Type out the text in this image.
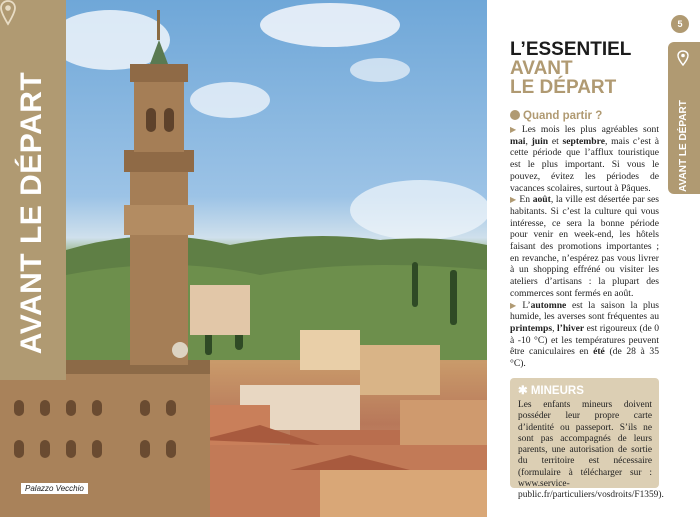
AVANT LE DÉPART
Palazzo Vecchio
5
AVANT LE DÉPART
L’ESSENTIEL
AVANT
LE DÉPART
Quand partir ?

▶ Les mois les plus agréables sont mai, juin et septembre, mais c’est à cette période que l’afflux touristique est le plus important. Si vous le pouvez, évitez les périodes de vacances scolaires, surtout à Pâques.

▶ En août, la ville est désertée par ses habitants. Si c’est la culture qui vous intéresse, ce sera la bonne période pour venir en week-end, les hôtels faisant des promotions importantes ; en revanche, n’espérez pas vous livrer à un shopping effréné ou visiter les ateliers d’artisans : la plupart des commerces sont fermés en août.

▶ L’automne est la saison la plus humide, les averses sont fréquentes au printemps, l’hiver est rigoureux (de 0 à -10 °C) et les températures peuvent être caniculaires en été (de 28 à 35 °C).

✱ MINEURS
Les enfants mineurs doivent posséder leur propre carte d’identité ou passeport. S’ils ne sont pas accompagnés de leurs parents, une autorisation de sortie du territoire est nécessaire (formulaire à télécharger sur : www.service-public.fr/particuliers/vosdroits/F1359).
